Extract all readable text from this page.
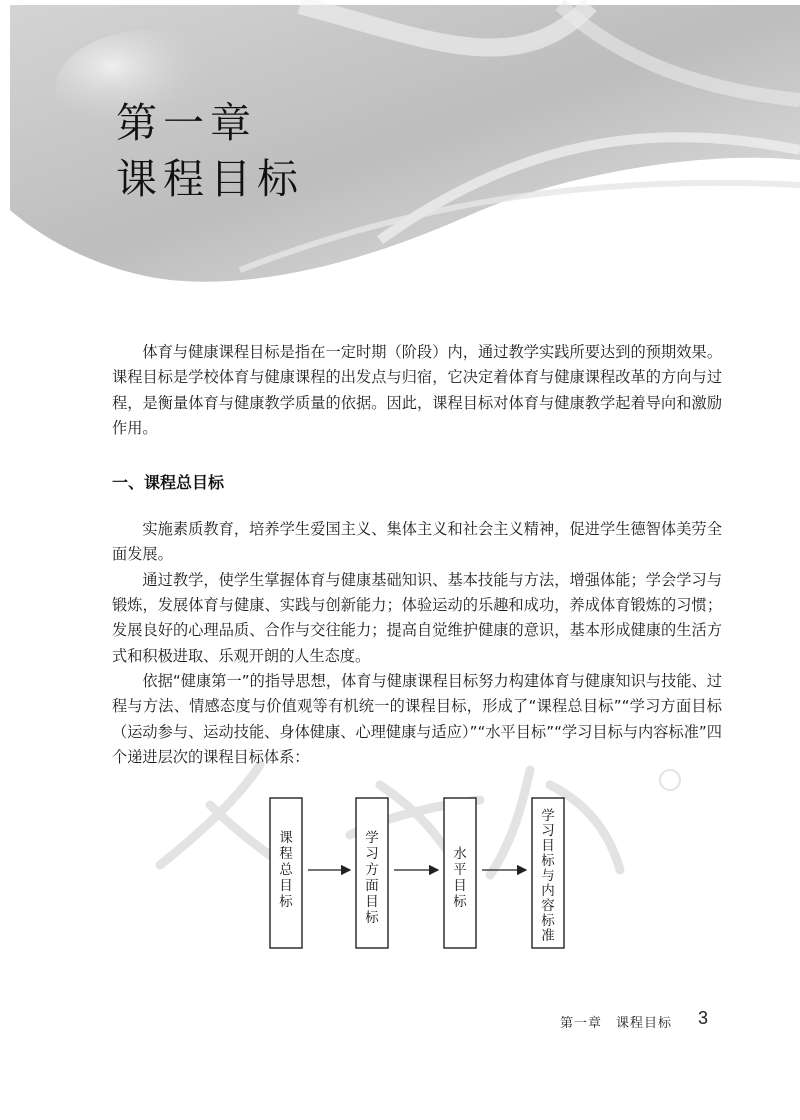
第一章
课程目标

体育与健康课程目标是指在一定时期（阶段）内，通过教学实践所要达到的预期效果。课程目标是学校体育与健康课程的出发点与归宿，它决定着体育与健康课程改革的方向与过程，是衡量体育与健康教学质量的依据。因此，课程目标对体育与健康教学起着导向和激励作用。

一、课程总目标

实施素质教育，培养学生爱国主义、集体主义和社会主义精神，促进学生德智体美劳全面发展。

通过教学，使学生掌握体育与健康基础知识、基本技能与方法，增强体能；学会学习与锻炼，发展体育与健康、实践与创新能力；体验运动的乐趣和成功，养成体育锻炼的习惯；发展良好的心理品质、合作与交往能力；提高自觉维护健康的意识，基本形成健康的生活方式和积极进取、乐观开朗的人生态度。

依据“健康第一”的指导思想，体育与健康课程目标努力构建体育与健康知识与技能、过程与方法、情感态度与价值观等有机统一的课程目标，形成了“课程总目标”“学习方面目标（运动参与、运动技能、身体健康、心理健康与适应）”“水平目标”“学习目标与内容标准”四个递进层次的课程目标体系：

课
程
总
目
标
学
习
方
面
目
标
水
平
目
标
学
习
目
标
与
内
容
标
准
第一章　课程目标 3
